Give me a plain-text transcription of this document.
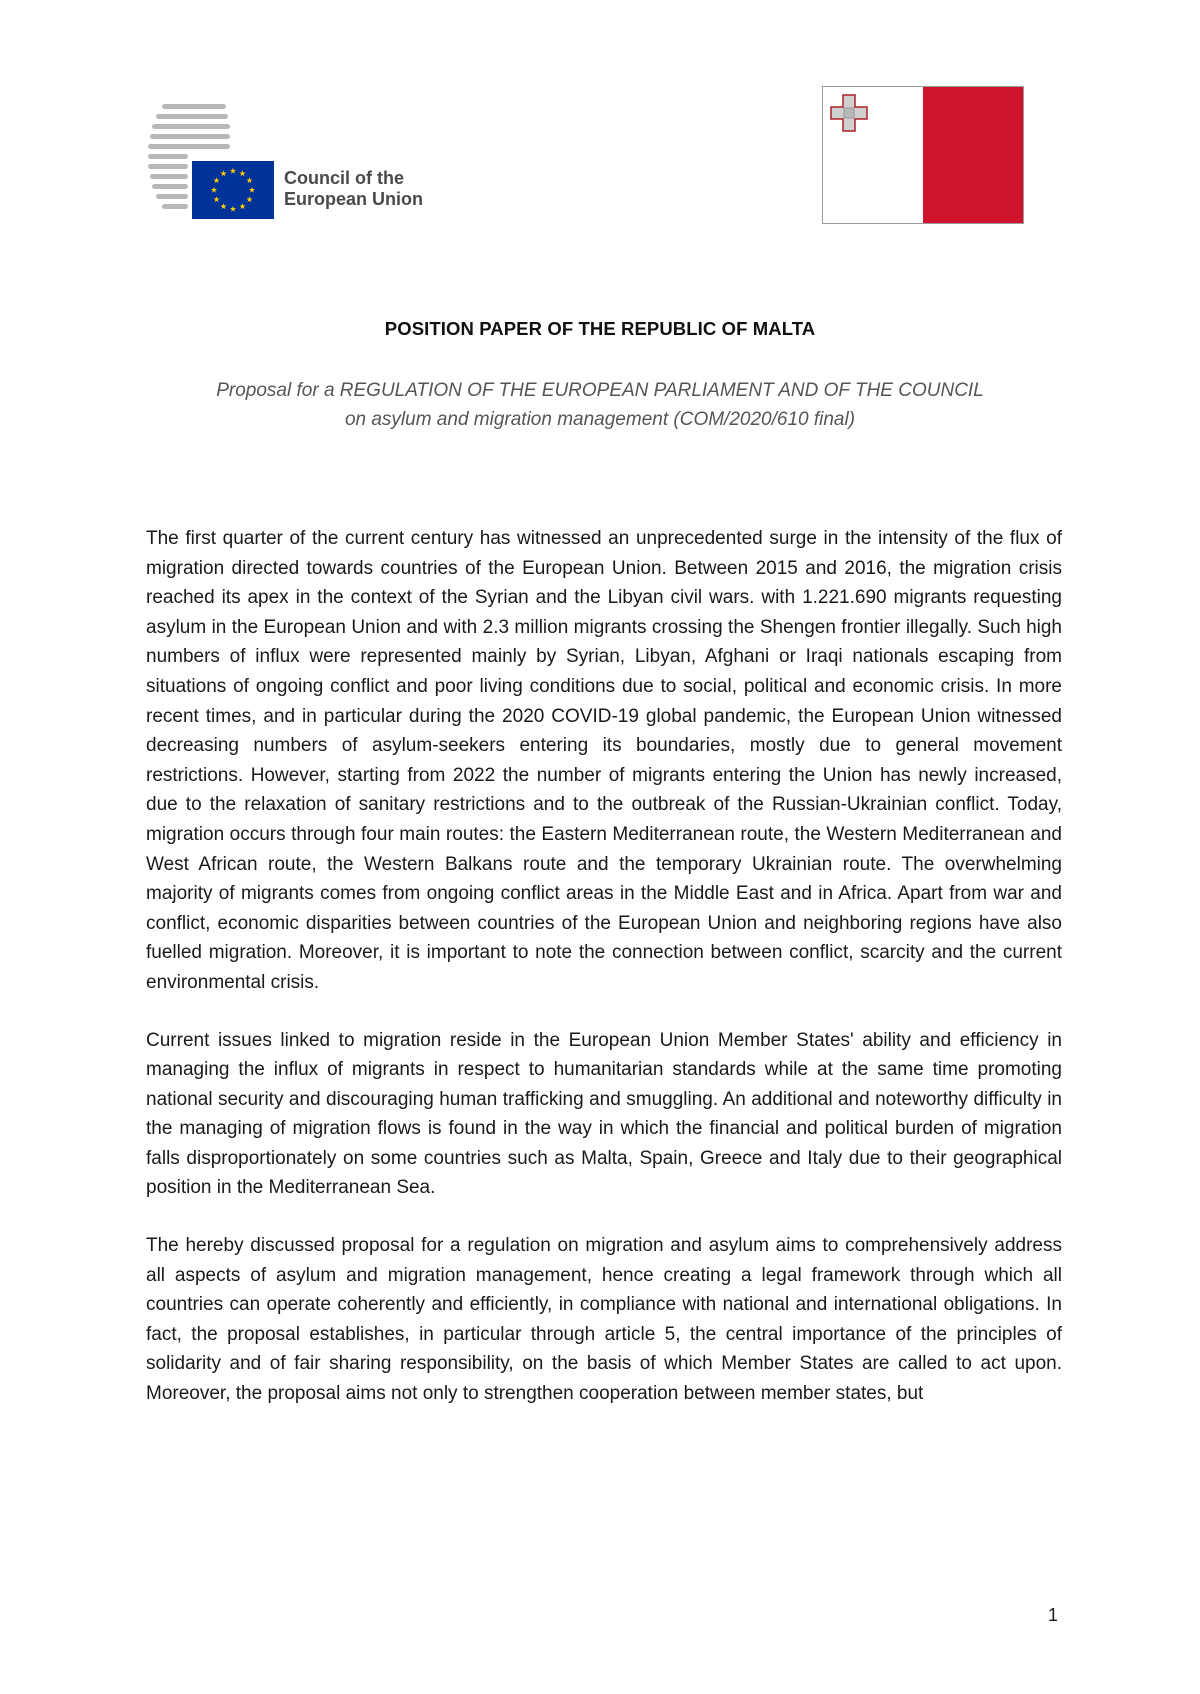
Council of the
European Union
POSITION PAPER OF THE REPUBLIC OF MALTA
Proposal for a REGULATION OF THE EUROPEAN PARLIAMENT AND OF THE COUNCIL
on asylum and migration management (COM/2020/610 final)

The first quarter of the current century has witnessed an unprecedented surge in the intensity of the flux of migration directed towards countries of the European Union. Between 2015 and 2016, the migration crisis reached its apex in the context of the Syrian and the Libyan civil wars. with 1.221.690 migrants requesting asylum in the European Union and with 2.3 million migrants crossing the Shengen frontier illegally. Such high numbers of influx were represented mainly by Syrian, Libyan, Afghani or Iraqi nationals escaping from situations of ongoing conflict and poor living conditions due to social, political and economic crisis. In more recent times, and in particular during the 2020 COVID-19 global pandemic, the European Union witnessed decreasing numbers of asylum-seekers entering its boundaries, mostly due to general movement restrictions. However, starting from 2022 the number of migrants entering the Union has newly increased, due to the relaxation of sanitary restrictions and to the outbreak of the Russian-Ukrainian conflict. Today, migration occurs through four main routes: the Eastern Mediterranean route, the Western Mediterranean and West African route, the Western Balkans route and the temporary Ukrainian route. The overwhelming majority of migrants comes from ongoing conflict areas in the Middle East and in Africa. Apart from war and conflict, economic disparities between countries of the European Union and neighboring regions have also fuelled migration. Moreover, it is important to note the connection between conflict, scarcity and the current environmental crisis.

Current issues linked to migration reside in the European Union Member States' ability and efficiency in managing the influx of migrants in respect to humanitarian standards while at the same time promoting national security and discouraging human trafficking and smuggling. An additional and noteworthy difficulty in the managing of migration flows is found in the way in which the financial and political burden of migration falls disproportionately on some countries such as Malta, Spain, Greece and Italy due to their geographical position in the Mediterranean Sea.

The hereby discussed proposal for a regulation on migration and asylum aims to comprehensively address all aspects of asylum and migration management, hence creating a legal framework through which all countries can operate coherently and efficiently, in compliance with national and international obligations. In fact, the proposal establishes, in particular through article 5, the central importance of the principles of solidarity and of fair sharing responsibility, on the basis of which Member States are called to act upon. Moreover, the proposal aims not only to strengthen cooperation between member states, but

1
